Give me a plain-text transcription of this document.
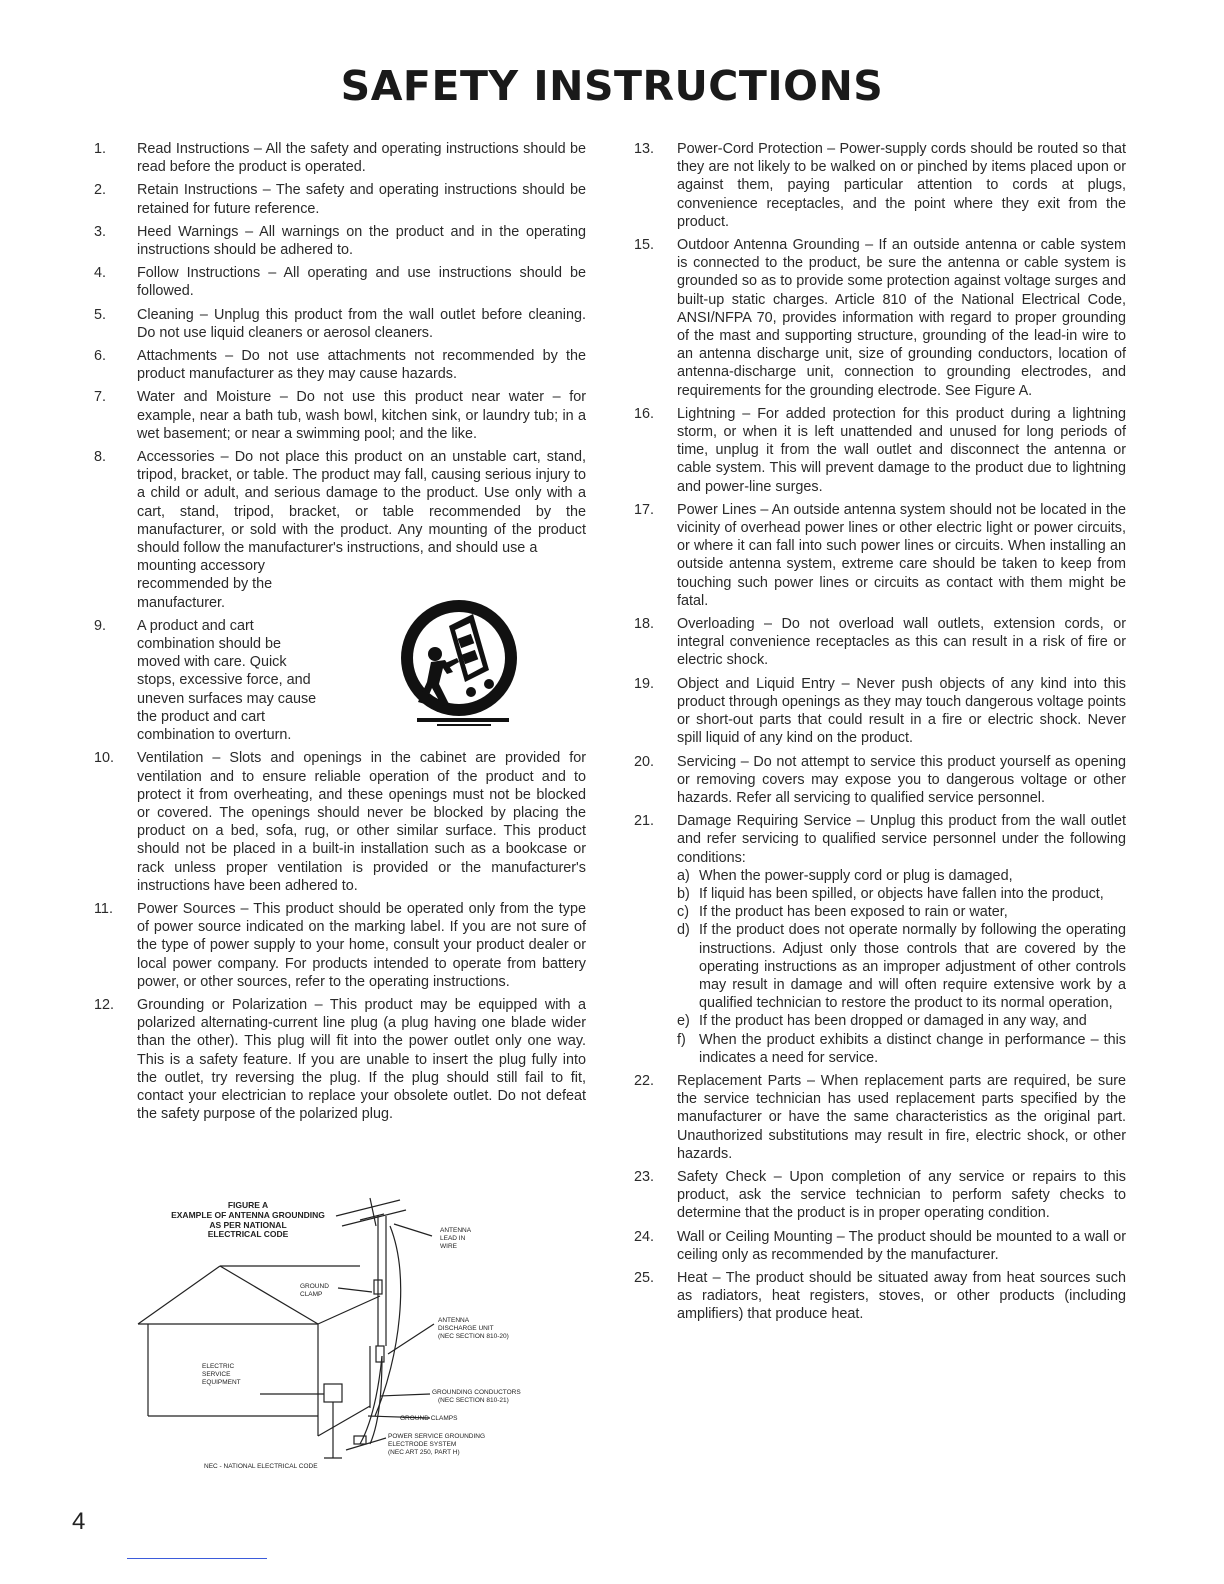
SAFETY INSTRUCTIONS
1. Read Instructions – All the safety and operating instructions should be read before the product is operated.
2. Retain Instructions – The safety and operating instructions should be retained for future reference.
3. Heed Warnings – All warnings on the product and in the operating instructions should be adhered to.
4. Follow Instructions – All operating and use instructions should be followed.
5. Cleaning – Unplug this product from the wall outlet before cleaning. Do not use liquid cleaners or aerosol cleaners.
6. Attachments – Do not use attachments not recommended by the product manufacturer as they may cause hazards.
7. Water and Moisture – Do not use this product near water – for example, near a bath tub, wash bowl, kitchen sink, or laundry tub; in a wet basement; or near a swimming pool; and the like.
8. Accessories – Do not place this product on an unstable cart, stand, tripod, bracket, or table. The product may fall, causing serious injury to a child or adult, and serious damage to the product. Use only with a cart, stand, tripod, bracket, or table recommended by the manufacturer, or sold with the product. Any mounting of the product should follow the manufacturer's instructions, and should use a
mounting accessory recommended by the manufacturer.
9. A product and cart combination should be moved with care. Quick stops, excessive force, and uneven surfaces may cause the product and cart combination to overturn.
10. Ventilation – Slots and openings in the cabinet are provided for ventilation and to ensure reliable operation of the product and to protect it from overheating, and these openings must not be blocked or covered. The openings should never be blocked by placing the product on a bed, sofa, rug, or other similar surface. This product should not be placed in a built-in installation such as a bookcase or rack unless proper ventilation is provided or the manufacturer's instructions have been adhered to.
11. Power Sources – This product should be operated only from the type of power source indicated on the marking label. If you are not sure of the type of power supply to your home, consult your product dealer or local power company. For products intended to operate from battery power, or other sources, refer to the operating instructions.
12. Grounding or Polarization – This product may be equipped with a polarized alternating-current line plug (a plug having one blade wider than the other). This plug will fit into the power outlet only one way. This is a safety feature. If you are unable to insert the plug fully into the outlet, try reversing the plug. If the plug should still fail to fit, contact your electrician to replace your obsolete outlet. Do not defeat the safety purpose of the polarized plug.
FIGURE A
EXAMPLE OF ANTENNA GROUNDING
AS PER NATIONAL
ELECTRICAL CODE	ANTENNA
LEAD IN
WIRE
GROUND
CLAMP
ANTENNA
DISCHARGE UNIT
(NEC SECTION 810-20)
ELECTRIC
SERVICE
EQUIPMENT
GROUNDING CONDUCTORS
(NEC SECTION 810-21)
GROUND CLAMPS
POWER SERVICE GROUNDING
ELECTRODE SYSTEM
(NEC ART 250, PART H)
NEC - NATIONAL ELECTRICAL CODE
13. Power-Cord Protection – Power-supply cords should be routed so that they are not likely to be walked on or pinched by items placed upon or against them, paying particular attention to cords at plugs, convenience receptacles, and the point where they exit from the product.
15. Outdoor Antenna Grounding – If an outside antenna or cable system is connected to the product, be sure the antenna or cable system is grounded so as to provide some protection against voltage surges and built-up static charges. Article 810 of the National Electrical Code, ANSI/NFPA 70, provides information with regard to proper grounding of the mast and supporting structure, grounding of the lead-in wire to an antenna discharge unit, size of grounding conductors, location of antenna-discharge unit, connection to grounding electrodes, and requirements for the grounding electrode. See Figure A.
16. Lightning – For added protection for this product during a lightning storm, or when it is left unattended and unused for long periods of time, unplug it from the wall outlet and disconnect the antenna or cable system. This will prevent damage to the product due to lightning and power-line surges.
17. Power Lines – An outside antenna system should not be located in the vicinity of overhead power lines or other electric light or power circuits, or where it can fall into such power lines or circuits. When installing an outside antenna system, extreme care should be taken to keep from touching such power lines or circuits as contact with them might be fatal.
18. Overloading – Do not overload wall outlets, extension cords, or integral convenience receptacles as this can result in a risk of fire or electric shock.
19. Object and Liquid Entry – Never push objects of any kind into this product through openings as they may touch dangerous voltage points or short-out parts that could result in a fire or electric shock. Never spill liquid of any kind on the product.
20. Servicing – Do not attempt to service this product yourself as opening or removing covers may expose you to dangerous voltage or other hazards. Refer all servicing to qualified service personnel.
21. Damage Requiring Service – Unplug this product from the wall outlet and refer servicing to qualified service personnel under the following conditions:
a) When the power-supply cord or plug is damaged,
b) If liquid has been spilled, or objects have fallen into the product,
c) If the product has been exposed to rain or water,
d) If the product does not operate normally by following the operating instructions. Adjust only those controls that are covered by the operating instructions as an improper adjustment of other controls may result in damage and will often require extensive work by a qualified technician to restore the product to its normal operation,
e) If the product has been dropped or damaged in any way, and
f) When the product exhibits a distinct change in performance – this indicates a need for service.
22. Replacement Parts – When replacement parts are required, be sure the service technician has used replacement parts specified by the manufacturer or have the same characteristics as the original part. Unauthorized substitutions may result in fire, electric shock, or other hazards.
23. Safety Check – Upon completion of any service or repairs to this product, ask the service technician to perform safety checks to determine that the product is in proper operating condition.
24. Wall or Ceiling Mounting – The product should be mounted to a wall or ceiling only as recommended by the manufacturer.
25. Heat – The product should be situated away from heat sources such as radiators, heat registers, stoves, or other products (including amplifiers) that produce heat.
4
